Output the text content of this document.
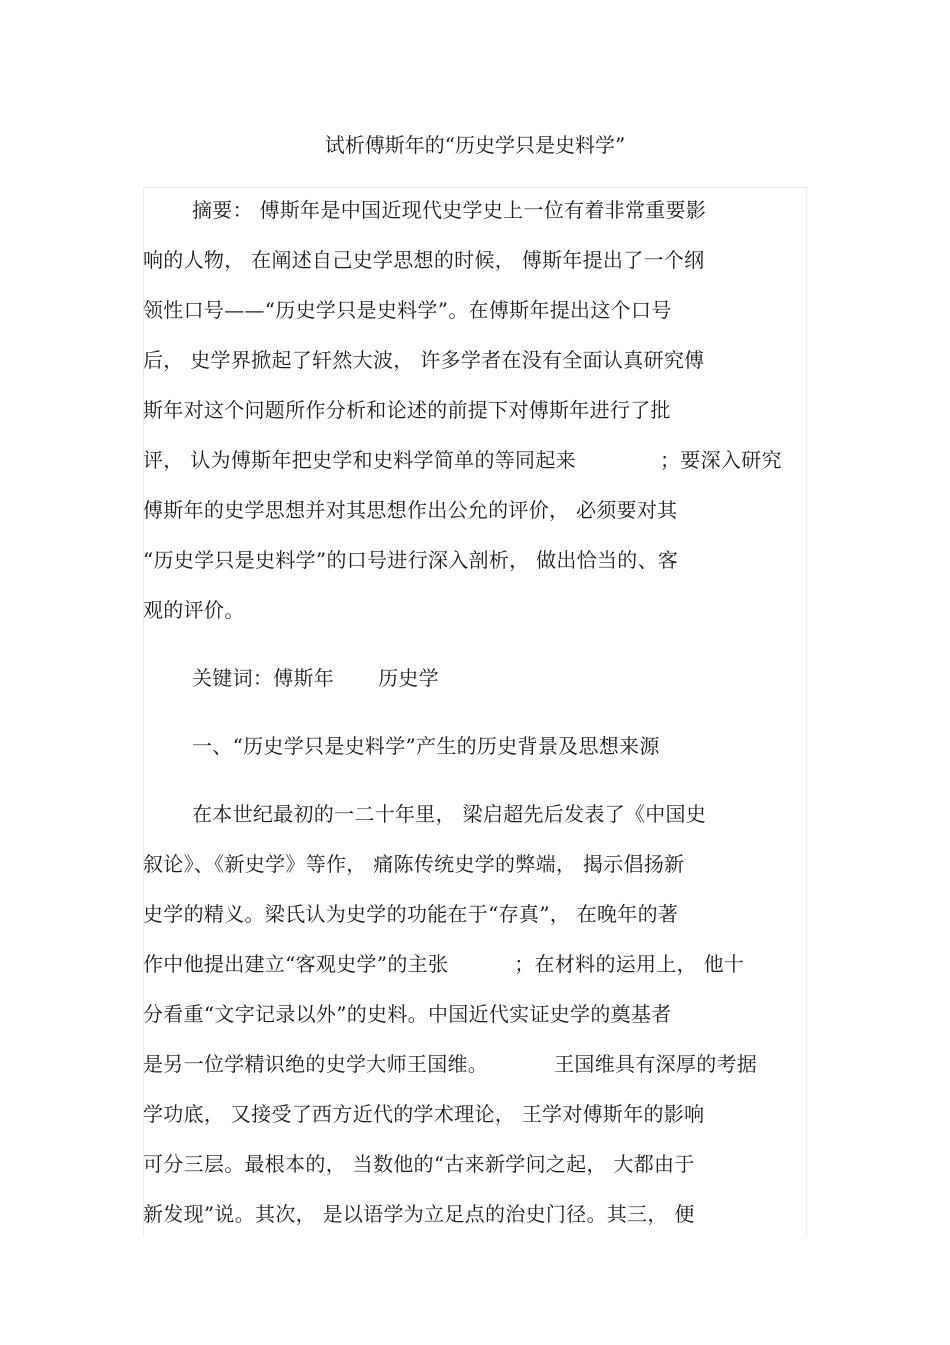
试析傅斯年的“历史学只是史料学”
摘要： 傅斯年是中国近现代史学史上一位有着非常重要影
响的人物， 在阐述自己史学思想的时候， 傅斯年提出了一个纲
领性口号——“历史学只是史料学”。在傅斯年提出这个口号
后， 史学界掀起了轩然大波， 许多学者在没有全面认真研究傅
斯年对这个问题所作分析和论述的前提下对傅斯年进行了批
评， 认为傅斯年把史学和史料学简单的等同起来	；要深入研究
傅斯年的史学思想并对其思想作出公允的评价， 必须要对其
“历史学只是史料学”的口号进行深入剖析， 做出恰当的、客
观的评价。
关键词：傅斯年 历史学
一、“历史学只是史料学”产生的历史背景及思想来源
在本世纪最初的一二十年里， 梁启超先后发表了《中国史
叙论》、《新史学》等作， 痛陈传统史学的弊端， 揭示倡扬新
史学的精义。梁氏认为史学的功能在于“存真”， 在晚年的著
作中他提出建立“客观史学”的主张	；在材料的运用上， 他十
分看重“文字记录以外”的史料。中国近代实证史学的奠基者
是另一位学精识绝的史学大师王国维。	王国维具有深厚的考据
学功底， 又接受了西方近代的学术理论， 王学对傅斯年的影响
可分三层。最根本的， 当数他的“古来新学问之起， 大都由于
新发现”说。其次， 是以语学为立足点的治史门径。其三， 便
